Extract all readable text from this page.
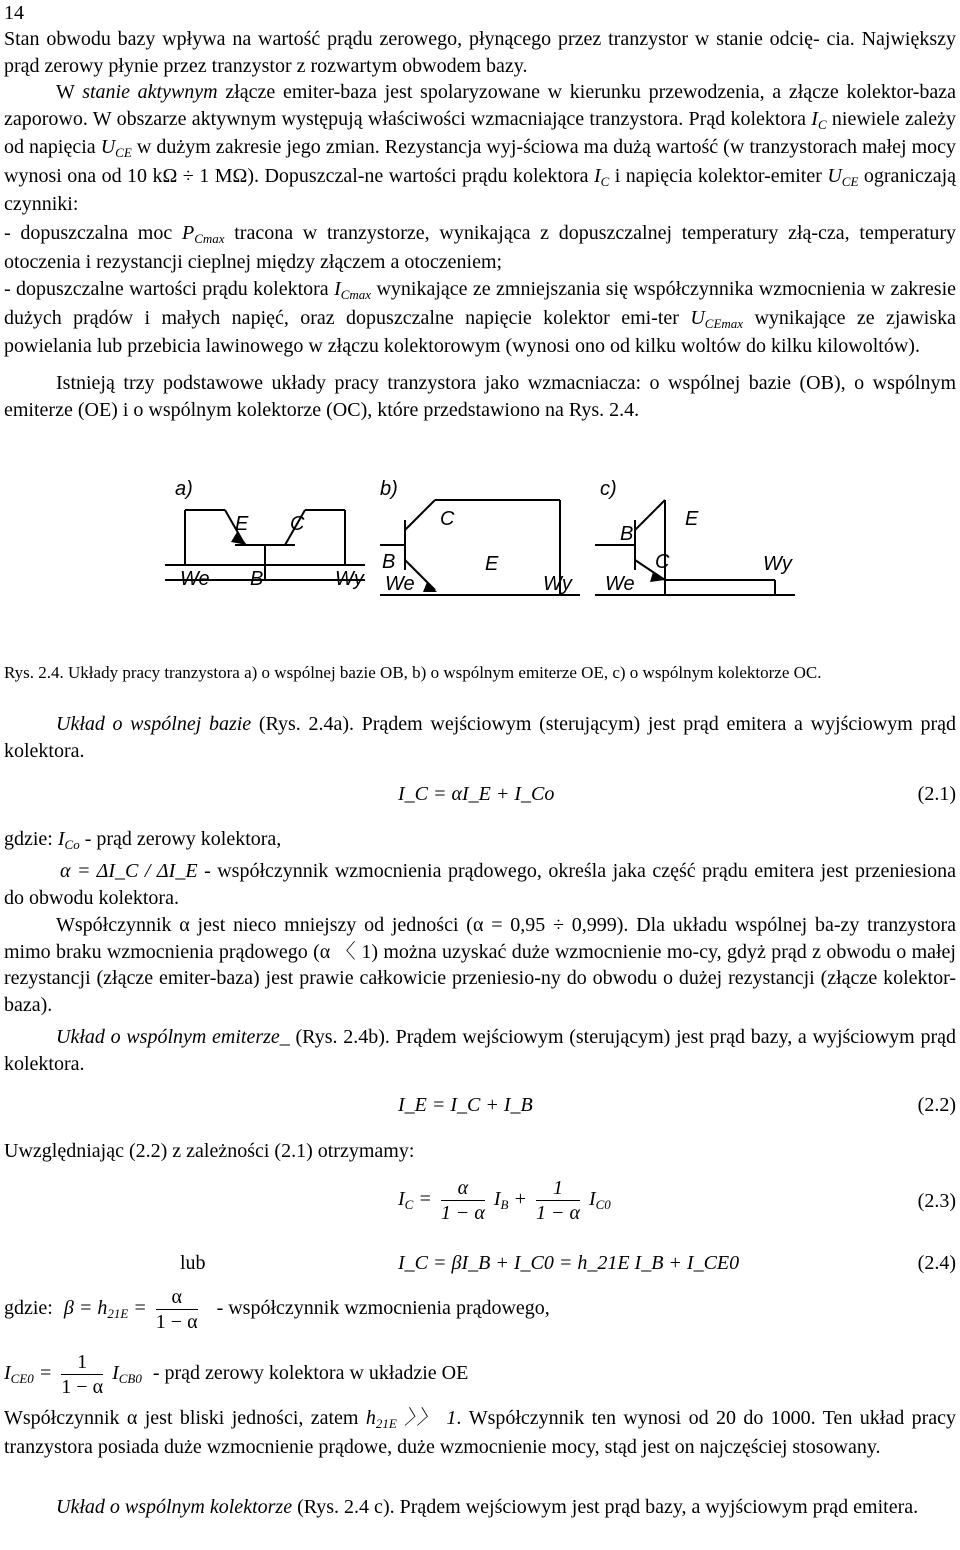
14
Stan obwodu bazy wpływa na wartość prądu zerowego, płynącego przez tranzystor w stanie odcię- cia. Największy prąd zerowy płynie przez tranzystor z rozwartym obwodem bazy.
W stanie aktywnym złącze emiter-baza jest spolaryzowane w kierunku przewodzenia, a złącze kolektor-baza zaporowo. W obszarze aktywnym występują właściwości wzmacniające tranzystora. Prąd kolektora $I_C$ niewiele zależy od napięcia $U_{CE}$ w dużym zakresie jego zmian. Rezystancja wyj-ściowa ma dużą wartość (w tranzystorach małej mocy wynosi ona od 10 kΩ ÷ 1 MΩ). Dopuszczal-ne wartości prądu kolektora $I_C$ i napięcia kolektor-emiter $U_{CE}$ ograniczają czynniki:
- dopuszczalna moc $P_{Cmax}$ tracona w tranzystorze, wynikająca z dopuszczalnej temperatury złą-cza, temperatury otoczenia i rezystancji cieplnej między złączem a otoczeniem;
- dopuszczalne wartości prądu kolektora $I_{Cmax}$ wynikające ze zmniejszania się współczynnika wzmocnienia w zakresie dużych prądów i małych napięć, oraz dopuszczalne napięcie kolektor emi-ter $U_{CEmax}$ wynikające ze zjawiska powielania lub przebicia lawinowego w złączu kolektorowym (wynosi ono od kilku woltów do kilku kilowoltów).
Istnieją trzy podstawowe układy pracy tranzystora jako wzmacniacza: o wspólnej bazie (OB), o wspólnym emiterze (OE) i o wspólnym kolektorze (OC), które przedstawiono na Rys. 2.4.
a)
E C
We B	Wy
b)
C
B	E
We	Wy
c)
B
E
C
We
Wy
Rys. 2.4. Układy pracy tranzystora a) o wspólnej bazie OB, b) o wspólnym emiterze OE, c) o wspólnym kolektorze OC.
Układ o wspólnej bazie (Rys. 2.4a). Prądem wejściowym (sterującym) jest prąd emitera a wyjściowym prąd kolektora.
I_C = αI_E + I_Co	(2.1)
gdzie: $I_{Co}$ - prąd zerowy kolektora,
α = ΔI_C / ΔI_E - współczynnik wzmocnienia prądowego, określa jaka część prądu emitera jest przeniesiona do obwodu kolektora.
Współczynnik α jest nieco mniejszy od jedności (α = 0,95 ÷ 0,999). Dla układu wspólnej ba-zy tranzystora mimo braku wzmocnienia prądowego (α 〈 1) można uzyskać duże wzmocnienie mo-cy, gdyż prąd z obwodu o małej rezystancji (złącze emiter-baza) jest prawie całkowicie przeniesio-ny do obwodu o dużej rezystancji (złącze kolektor-baza).
Układ o wspólnym emiterze_ (Rys. 2.4b). Prądem wejściowym (sterującym) jest prąd bazy, a wyjściowym prąd kolektora.
I_E = I_C + I_B	(2.2)
Uwzględniając (2.2) z zależności (2.1) otrzymamy:
$I_C = \frac{\alpha}{1 - \alpha} I_B + \frac{1}{1 - \alpha} I_{C0}$	(2.3)
lub	I_C = βI_B + I_C0 = h_21E I_B + I_CE0	(2.4)
gdzie: $\beta = h_{21E} = \frac{\alpha}{1 - \alpha}$ - współczynnik wzmocnienia prądowego,
$I_{CE0} = \frac{1}{1 - \alpha} I_{CB0}$ - prąd zerowy kolektora w układzie OE
Współczynnik α jest bliski jedności, zatem $h_{21E}$ 〉〉 1. Współczynnik ten wynosi od 20 do 1000. Ten układ pracy tranzystora posiada duże wzmocnienie prądowe, duże wzmocnienie mocy, stąd jest on najczęściej stosowany.
Układ o wspólnym kolektorze (Rys. 2.4 c). Prądem wejściowym jest prąd bazy, a wyjściowym prąd emitera.
